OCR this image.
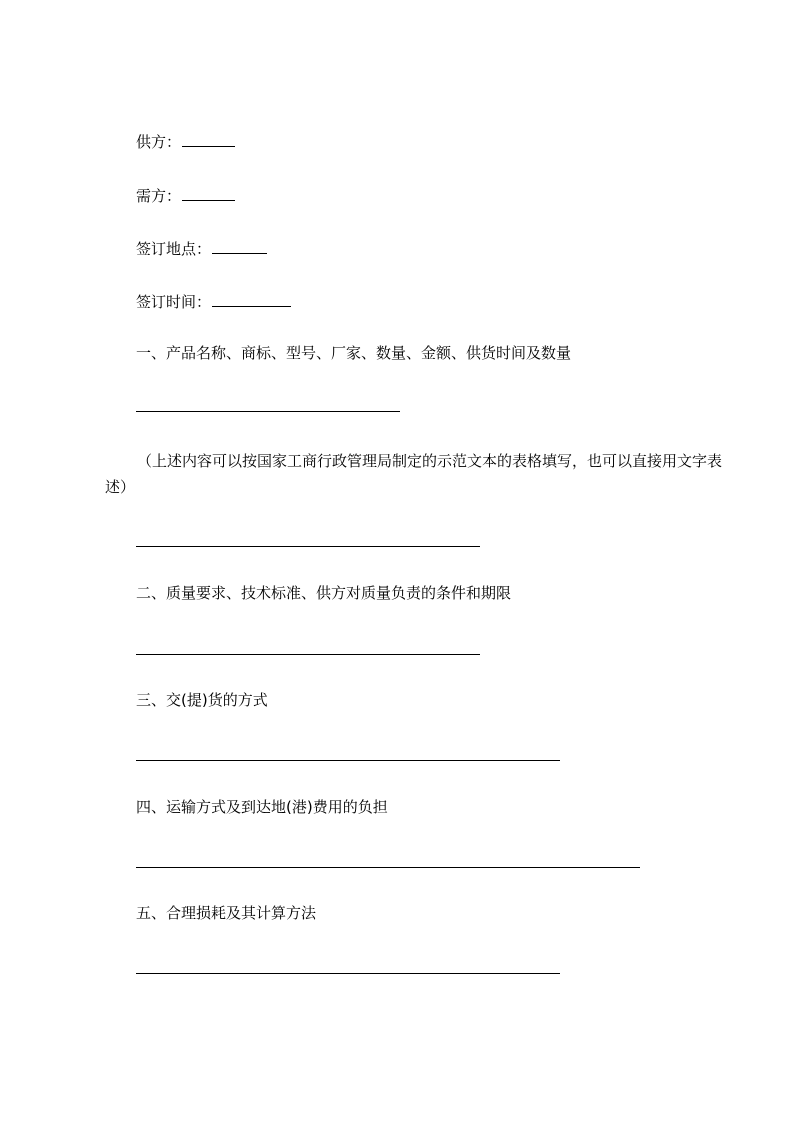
供方：
需方：
签订地点：
签订时间：
一、产品名称、商标、型号、厂家、数量、金额、供货时间及数量
（上述内容可以按国家工商行政管理局制定的示范文本的表格填写，也可以直接用文字表述）
二、质量要求、技术标准、供方对质量负责的条件和期限
三、交(提)货的方式
四、运输方式及到达地(港)费用的负担
五、合理损耗及其计算方法
